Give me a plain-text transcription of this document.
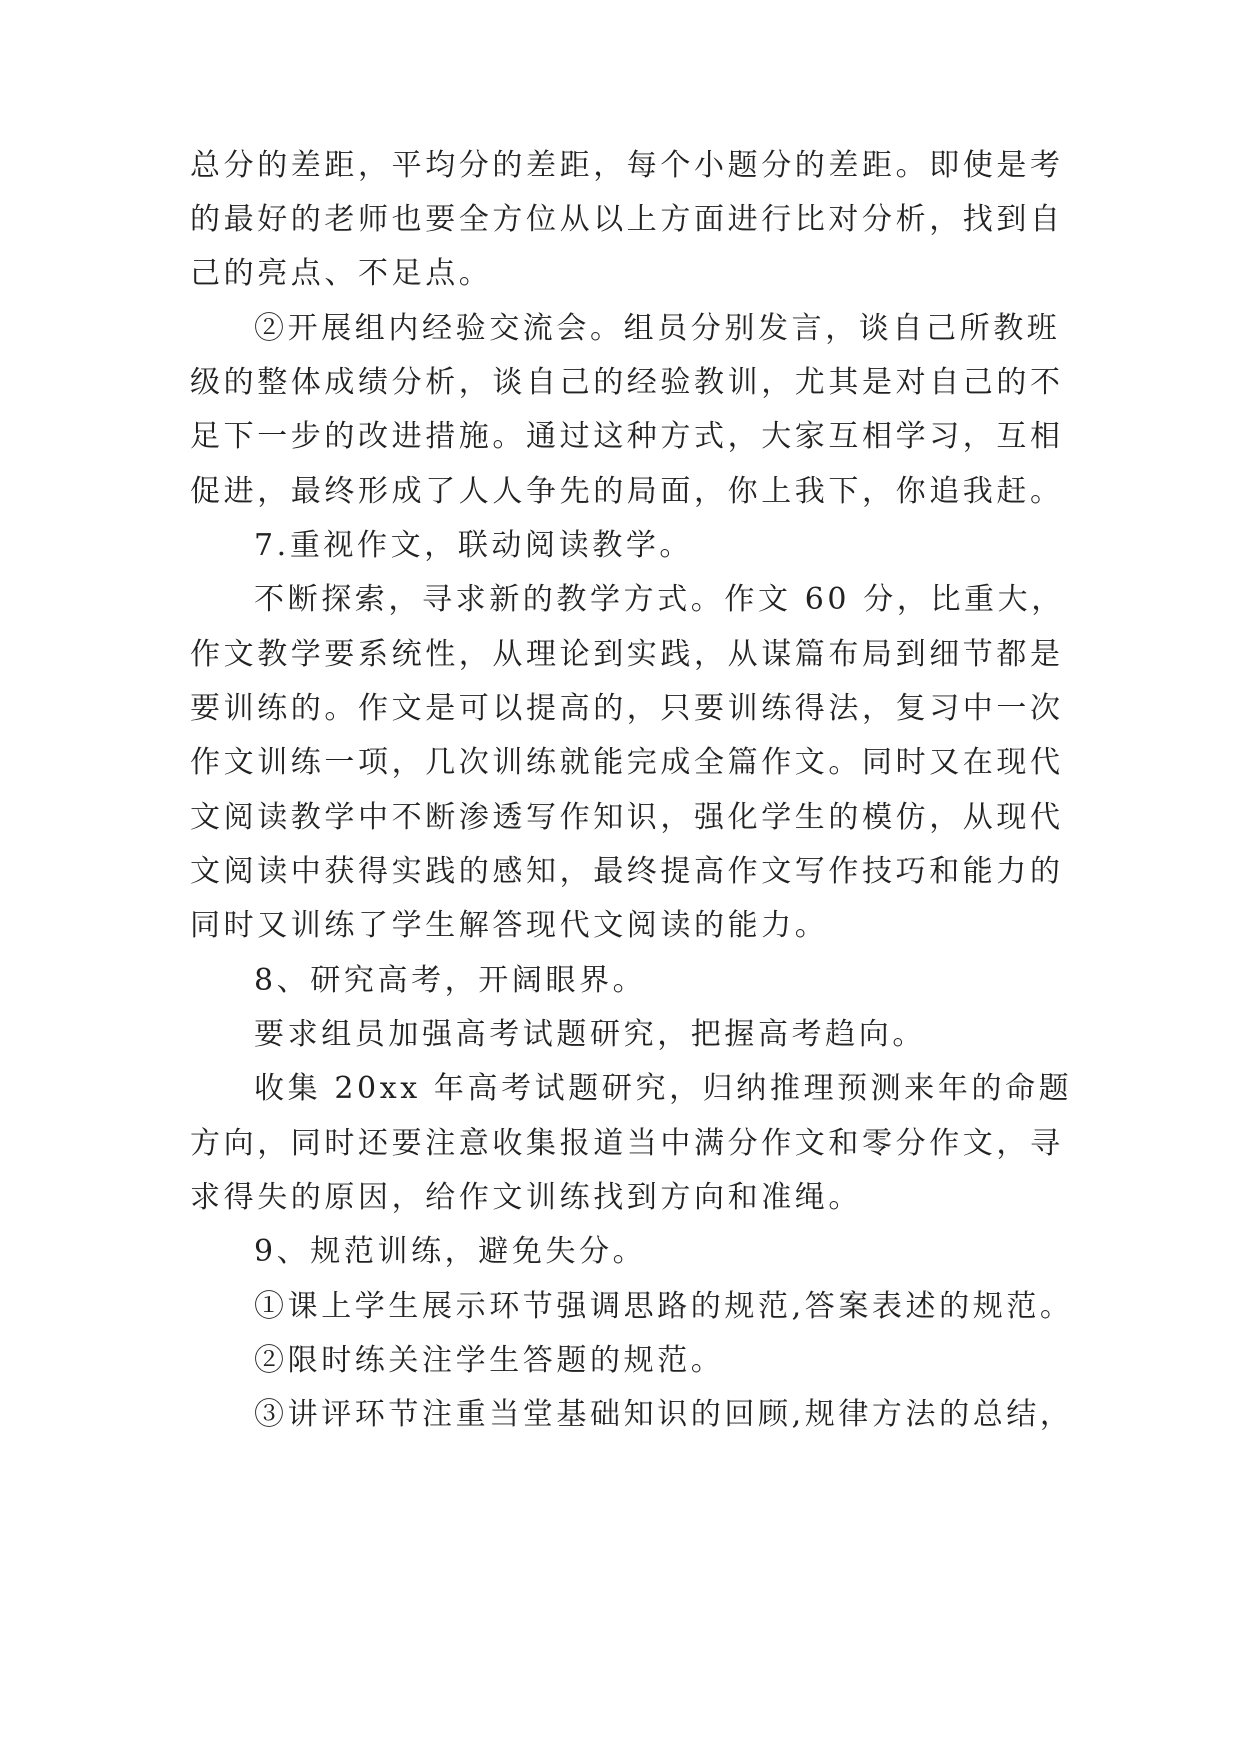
总分的差距，平均分的差距，每个小题分的差距。即使是考

的最好的老师也要全方位从以上方面进行比对分析，找到自

己的亮点、不足点。

②开展组内经验交流会。组员分别发言，谈自己所教班

级的整体成绩分析，谈自己的经验教训，尤其是对自己的不

足下一步的改进措施。通过这种方式，大家互相学习，互相

促进，最终形成了人人争先的局面，你上我下，你追我赶。

7.重视作文，联动阅读教学。

不断探索，寻求新的教学方式。作文 60 分，比重大，

作文教学要系统性，从理论到实践，从谋篇布局到细节都是

要训练的。作文是可以提高的，只要训练得法，复习中一次

作文训练一项，几次训练就能完成全篇作文。同时又在现代

文阅读教学中不断渗透写作知识，强化学生的模仿，从现代

文阅读中获得实践的感知，最终提高作文写作技巧和能力的

同时又训练了学生解答现代文阅读的能力。

8、研究高考，开阔眼界。

要求组员加强高考试题研究，把握高考趋向。

收集 20xx 年高考试题研究，归纳推理预测来年的命题

方向，同时还要注意收集报道当中满分作文和零分作文，寻

求得失的原因，给作文训练找到方向和准绳。

9、规范训练，避免失分。

①课上学生展示环节强调思路的规范,答案表述的规范。

②限时练关注学生答题的规范。

③讲评环节注重当堂基础知识的回顾,规律方法的总结，
